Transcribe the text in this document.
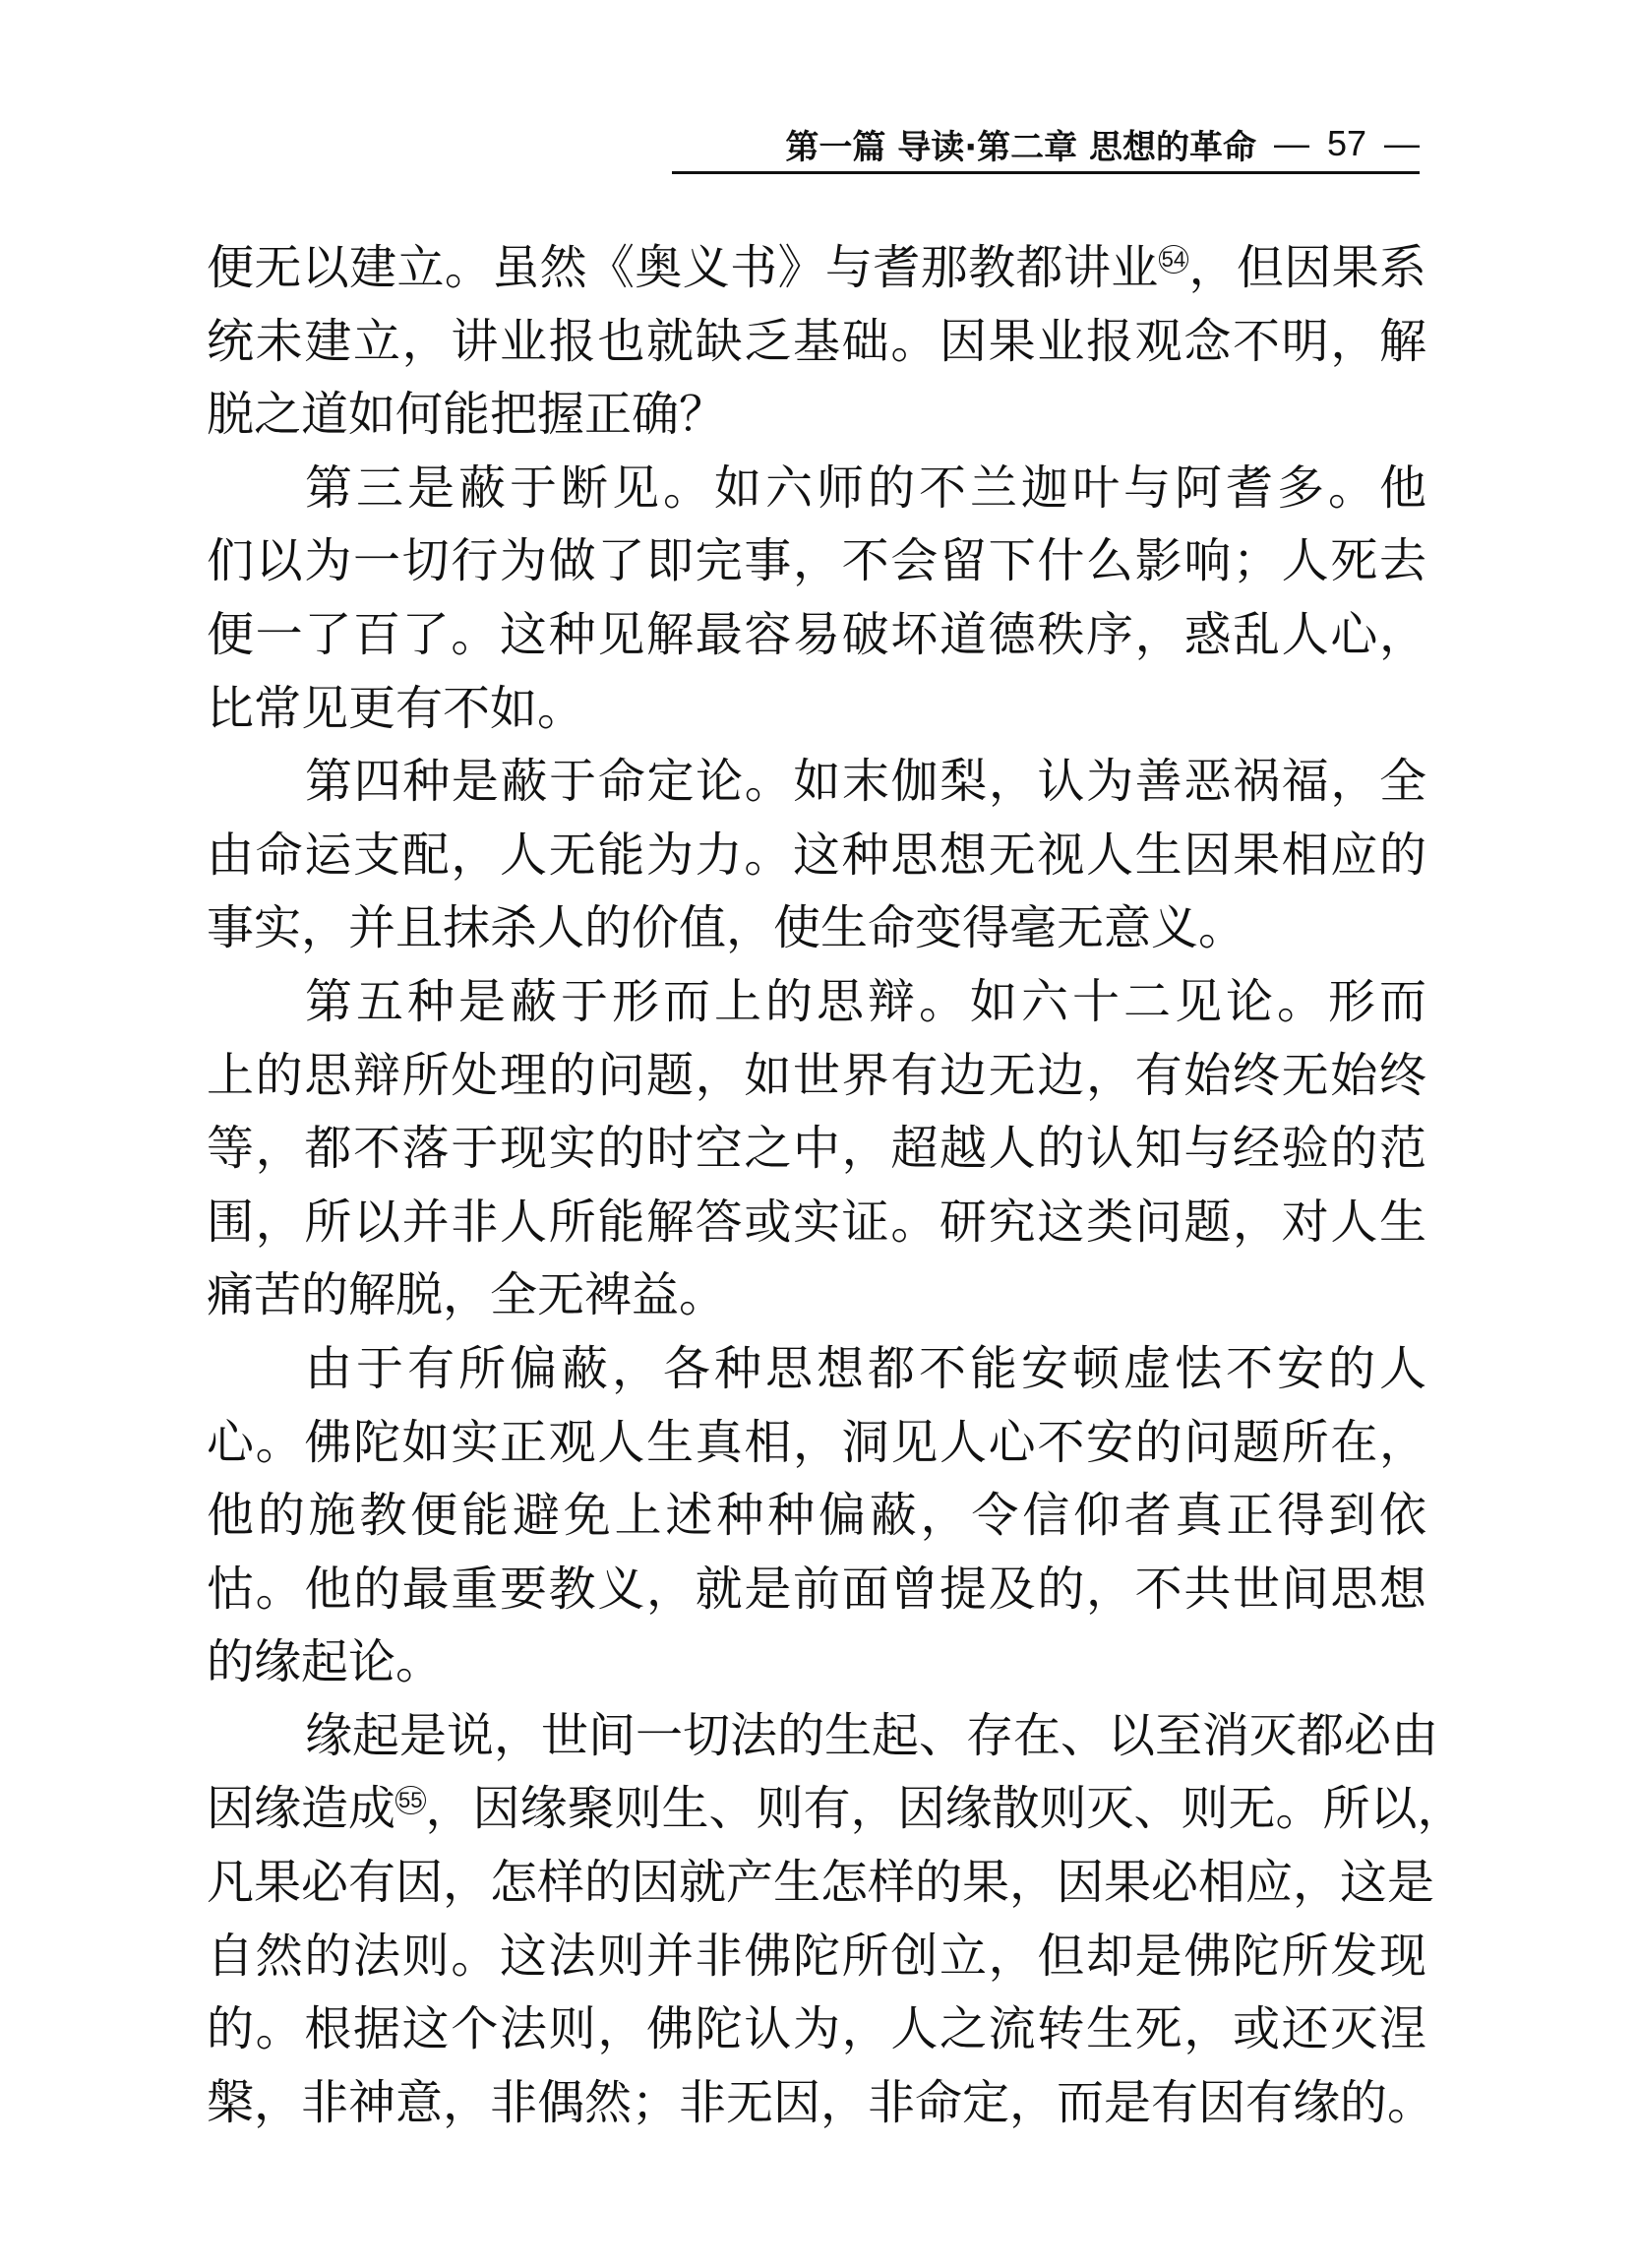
第一篇 导读·第二章 思想的革命 — 57 —
便无以建立。虽然《奥义书》与耆那教都讲业 $^{54}$，但因果系
统未建立，讲业报也就缺乏基础。因果业报观念不明，解
脱之道如何能把握正确？
第三是蔽于断见。如六师的不兰迦叶与阿耆多。他
们以为一切行为做了即完事，不会留下什么影响；人死去
便一了百了。这种见解最容易破坏道德秩序，惑乱人心，
比常见更有不如。
第四种是蔽于命定论。如末伽梨，认为善恶祸福，全
由命运支配，人无能为力。这种思想无视人生因果相应的
事实，并且抹杀人的价值，使生命变得毫无意义。
第五种是蔽于形而上的思辩。如六十二见论。形而
上的思辩所处理的问题，如世界有边无边，有始终无始终
等，都不落于现实的时空之中，超越人的认知与经验的范
围，所以并非人所能解答或实证。研究这类问题，对人生
痛苦的解脱，全无裨益。
由于有所偏蔽，各种思想都不能安顿虚怯不安的人
心。佛陀如实正观人生真相，洞见人心不安的问题所在，
他的施教便能避免上述种种偏蔽，令信仰者真正得到依
怙。他的最重要教义，就是前面曾提及的，不共世间思想
的缘起论。
缘起是说，世间一切法的生起、存在、以至消灭都必由
因缘造成 $^{55}$，因缘聚则生、则有，因缘散则灭、则无。所以，
凡果必有因，怎样的因就产生怎样的果，因果必相应，这是
自然的法则。这法则并非佛陀所创立，但却是佛陀所发现
的。根据这个法则，佛陀认为，人之流转生死，或还灭涅
槃，非神意，非偶然；非无因，非命定，而是有因有缘的。
